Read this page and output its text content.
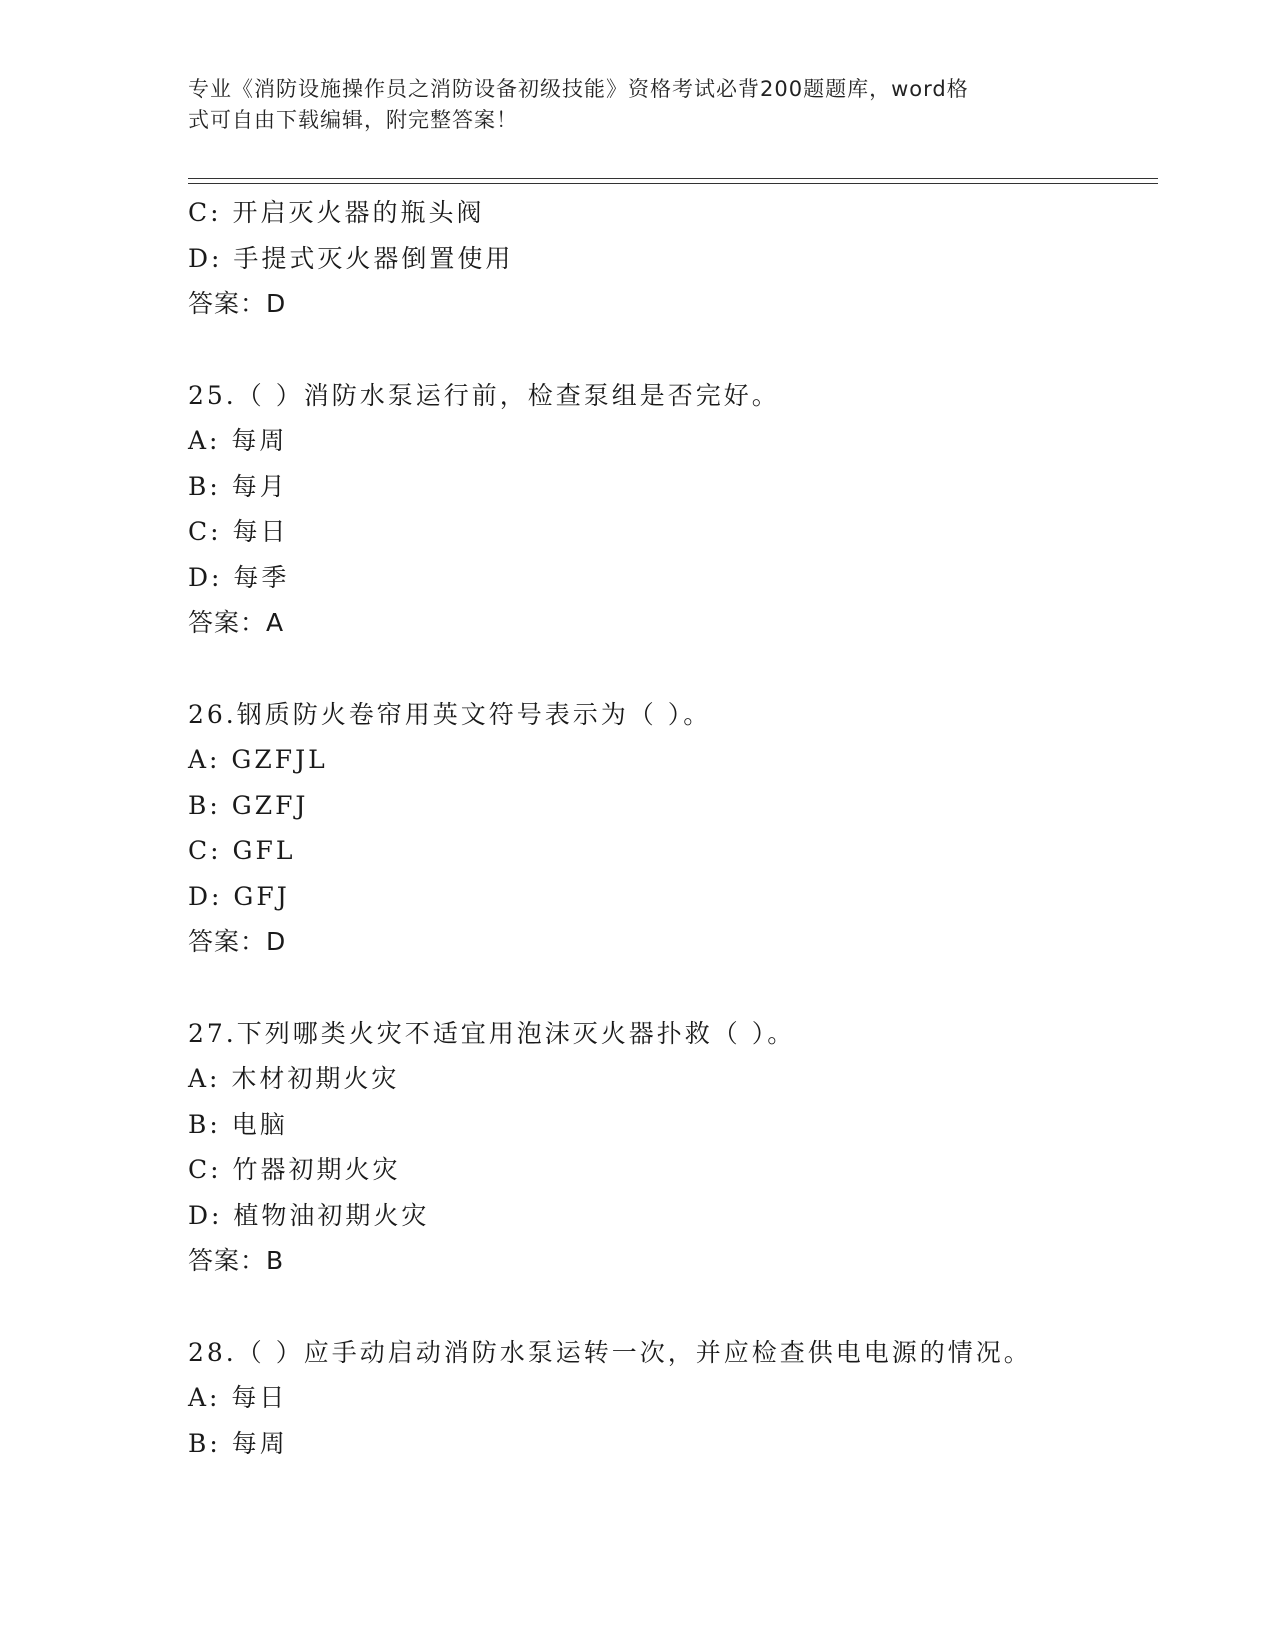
专业《消防设施操作员之消防设备初级技能》资格考试必背200题题库，word格
式可自由下载编辑，附完整答案！
C: 开启灭火器的瓶头阀
D: 手提式灭火器倒置使用
答案：D
25.（ ）消防水泵运行前，检查泵组是否完好。
A: 每周
B: 每月
C: 每日
D: 每季
答案：A
26.钢质防火卷帘用英文符号表示为（ ）。
A: GZFJL
B: GZFJ
C: GFL
D: GFJ
答案：D
27.下列哪类火灾不适宜用泡沫灭火器扑救（ ）。
A: 木材初期火灾
B: 电脑
C: 竹器初期火灾
D: 植物油初期火灾
答案：B
28.（ ）应手动启动消防水泵运转一次，并应检查供电电源的情况。
A: 每日
B: 每周
